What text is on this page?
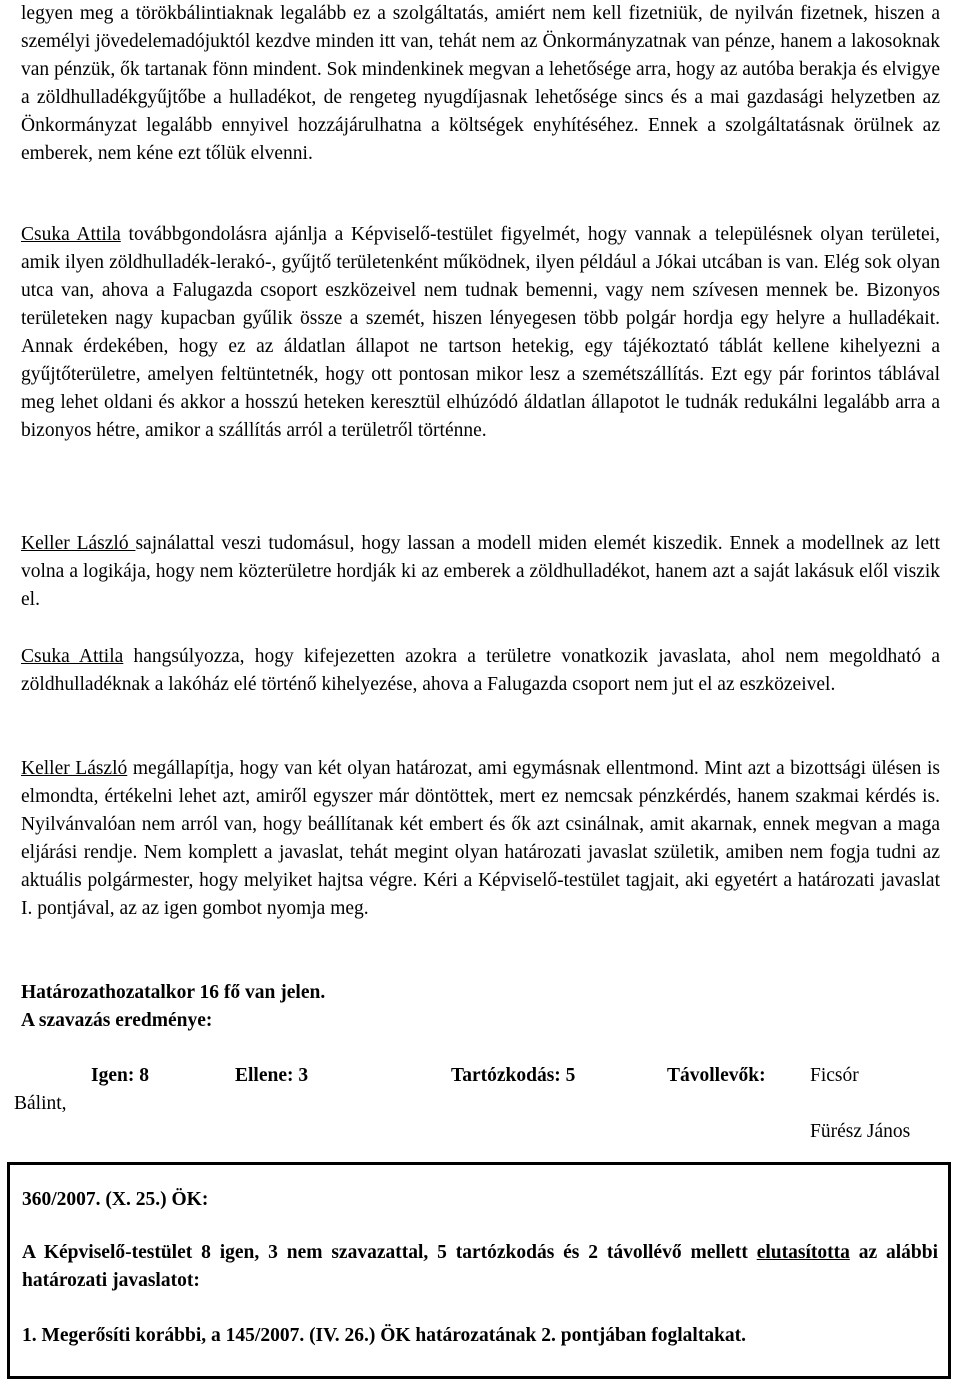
legyen meg a törökbálintiaknak legalább ez a szolgáltatás, amiért nem kell fizetniük, de nyilván fizetnek, hiszen a személyi jövedelemadójuktól kezdve minden itt van, tehát nem az Önkormányzatnak van pénze, hanem a lakosoknak van pénzük, ők tartanak fönn mindent. Sok mindenkinek megvan a lehetősége arra, hogy az autóba berakja és elvigye a zöldhulladékgyűjtőbe a hulladékot, de rengeteg nyugdíjasnak lehetősége sincs és a mai gazdasági helyzetben az Önkormányzat legalább ennyivel hozzájárulhatna a költségek enyhítéséhez. Ennek a szolgáltatásnak örülnek az emberek, nem kéne ezt tőlük elvenni.

Csuka Attila továbbgondolásra ajánlja a Képviselő-testület figyelmét, hogy vannak a településnek olyan területei, amik ilyen zöldhulladék-lerakó-, gyűjtő területenként működnek, ilyen például a Jókai utcában is van. Elég sok olyan utca van, ahova a Falugazda csoport eszközeivel nem tudnak bemenni, vagy nem szívesen mennek be. Bizonyos területeken nagy kupacban gyűlik össze a szemét, hiszen lényegesen több polgár hordja egy helyre a hulladékait. Annak érdekében, hogy ez az áldatlan állapot ne tartson hetekig, egy tájékoztató táblát kellene kihelyezni a gyűjtőterületre, amelyen feltüntetnék, hogy ott pontosan mikor lesz a szemétszállítás. Ezt egy pár forintos táblával meg lehet oldani és akkor a hosszú heteken keresztül elhúzódó áldatlan állapotot le tudnák redukálni legalább arra a bizonyos hétre, amikor a szállítás arról a területről történne.

Keller László sajnálattal veszi tudomásul, hogy lassan a modell miden elemét kiszedik. Ennek a modellnek az lett volna a logikája, hogy nem közterületre hordják ki az emberek a zöldhulladékot, hanem azt a saját lakásuk elől viszik el.

Csuka Attila hangsúlyozza, hogy kifejezetten azokra a területre vonatkozik javaslata, ahol nem megoldható a zöldhulladéknak a lakóház elé történő kihelyezése, ahova a Falugazda csoport nem jut el az eszközeivel.

Keller László megállapítja, hogy van két olyan határozat, ami egymásnak ellentmond. Mint azt a bizottsági ülésen is elmondta, értékelni lehet azt, amiről egyszer már döntöttek, mert ez nemcsak pénzkérdés, hanem szakmai kérdés is. Nyilvánvalóan nem arról van, hogy beállítanak két embert és ők azt csinálnak, amit akarnak, ennek megvan a maga eljárási rendje. Nem komplett a javaslat, tehát megint olyan határozati javaslat születik, amiben nem fogja tudni az aktuális polgármester, hogy melyiket hajtsa végre. Kéri a Képviselő-testület tagjait, aki egyetért a határozati javaslat I. pontjával, az az igen gombot nyomja meg.

Határozathozatalkor 16 fő van jelen.

A szavazás eredménye:

Igen: 8	Ellene: 3	Tartózkodás: 5	Távollevők: Ficsór
Bálint,
Fürész János

360/2007. (X. 25.) ÖK:

A Képviselő-testület 8 igen, 3 nem szavazattal, 5 tartózkodás és 2 távollévő mellett elutasította az alábbi határozati javaslatot:

1. Megerősíti korábbi, a 145/2007. (IV. 26.) ÖK határozatának 2. pontjában foglaltakat.
